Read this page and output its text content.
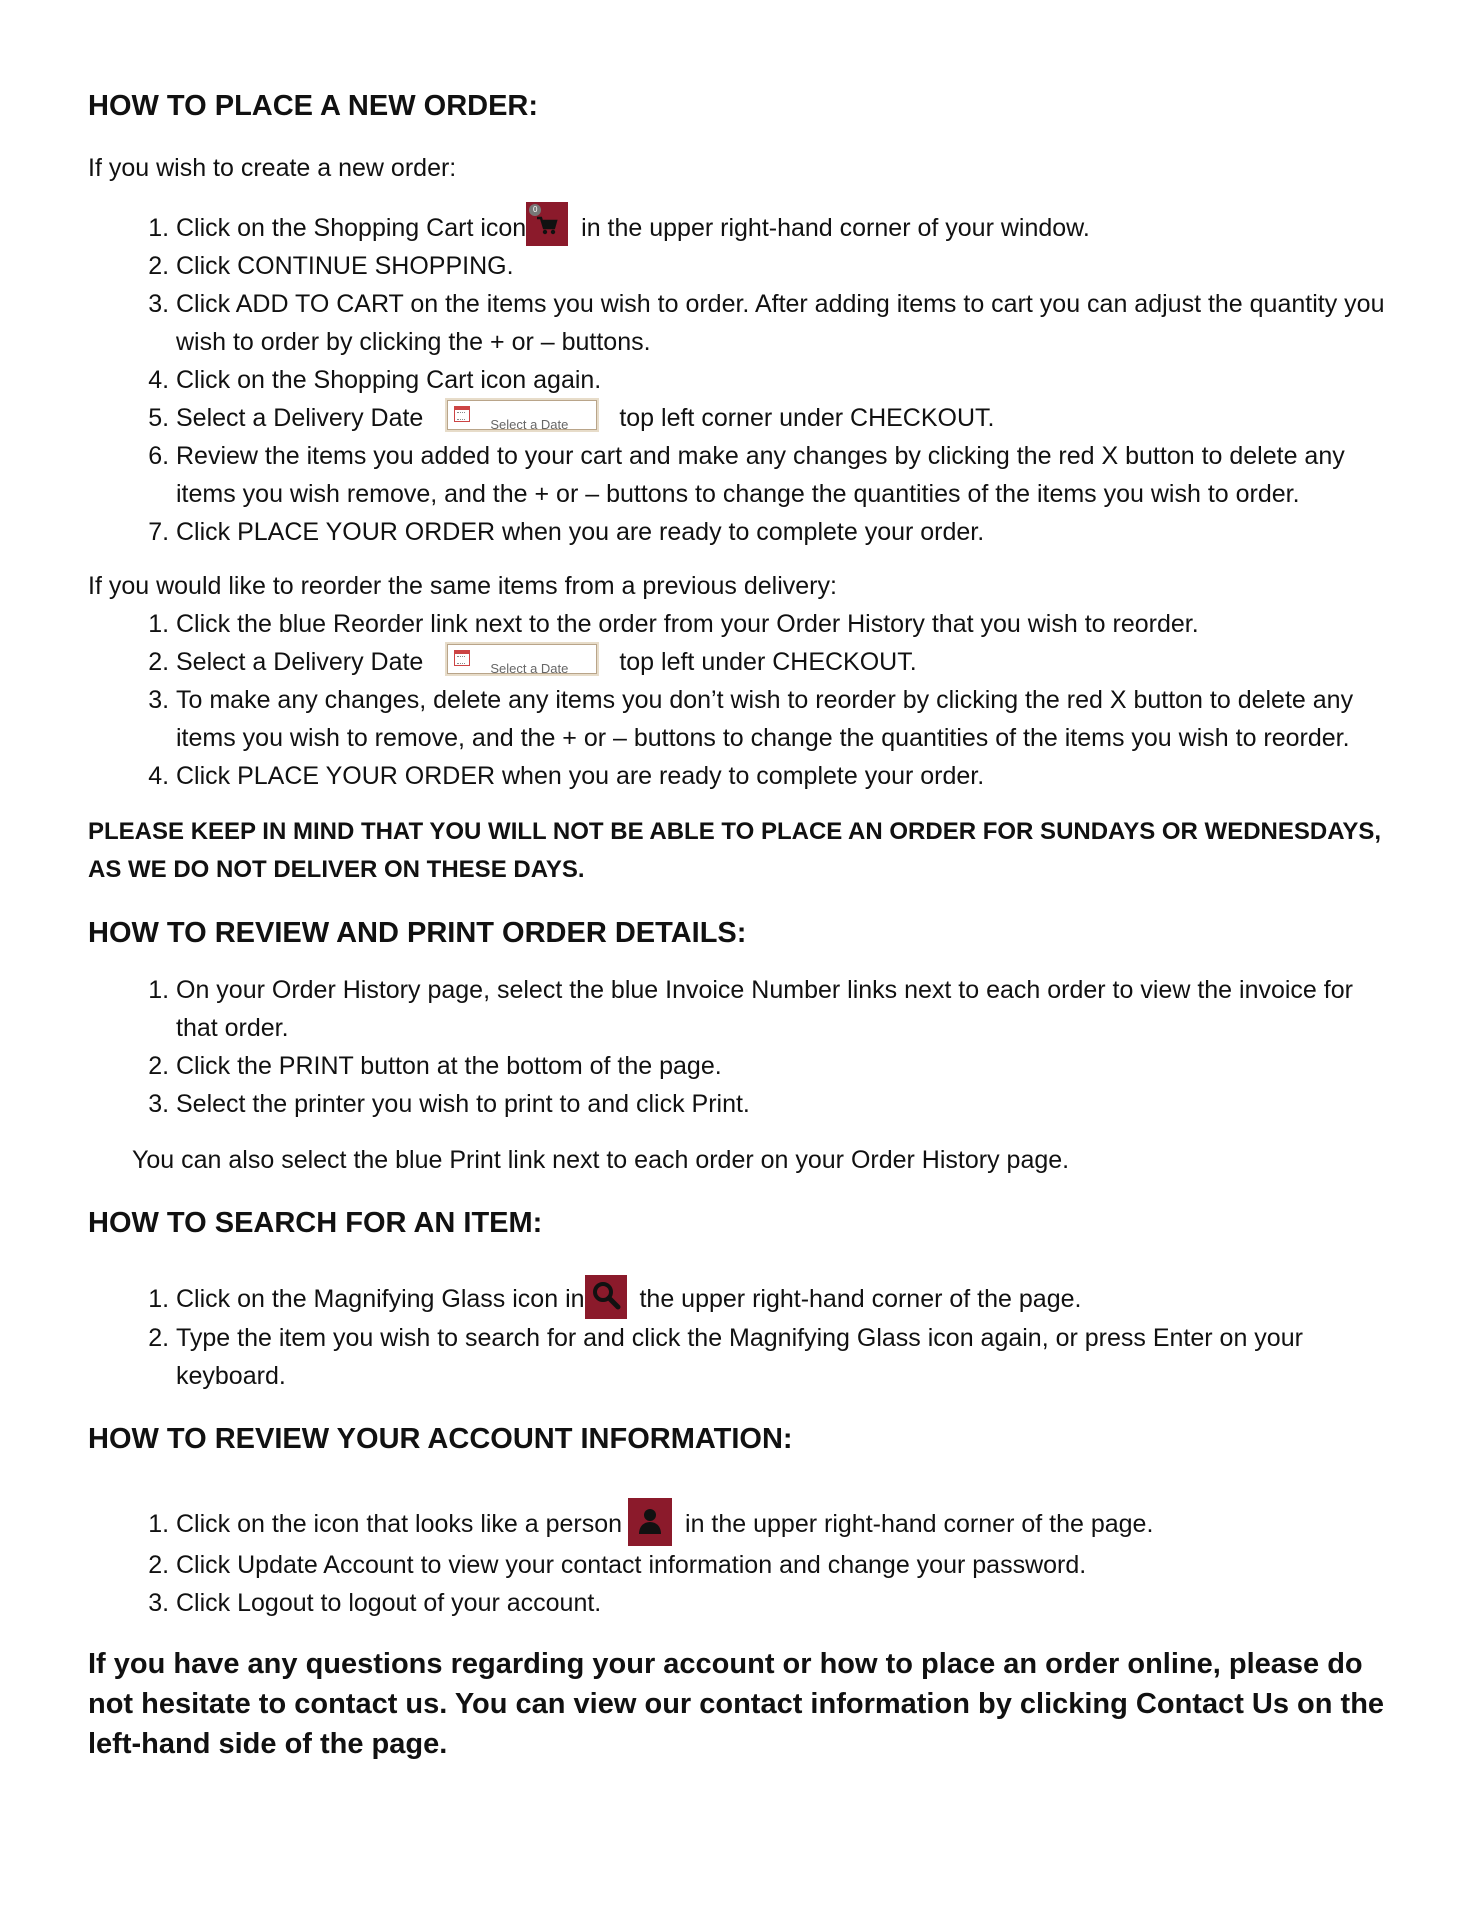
HOW TO PLACE A NEW ORDER:

If you wish to create a new order:

1. Click on the Shopping Cart icon
0
in the upper right-hand corner of your window.
2. Click CONTINUE SHOPPING.
3. Click ADD TO CART on the items you wish to order. After adding items to cart you can adjust the quantity you wish to order by clicking the + or – buttons.
4. Click on the Shopping Cart icon again.
5. Select a Delivery Date	Select a Date top left corner under CHECKOUT.
6. Review the items you added to your cart and make any changes by clicking the red X button to delete any items you wish remove, and the + or – buttons to change the quantities of the items you wish to order.
7. Click PLACE YOUR ORDER when you are ready to complete your order.

If you would like to reorder the same items from a previous delivery:

1. Click the blue Reorder link next to the order from your Order History that you wish to reorder.
2. Select a Delivery Date	Select a Date top left under CHECKOUT.
3. To make any changes, delete any items you don’t wish to reorder by clicking the red X button to delete any items you wish to remove, and the + or – buttons to change the quantities of the items you wish to reorder.
4. Click PLACE YOUR ORDER when you are ready to complete your order.

PLEASE KEEP IN MIND THAT YOU WILL NOT BE ABLE TO PLACE AN ORDER FOR SUNDAYS OR WEDNESDAYS, AS WE DO NOT DELIVER ON THESE DAYS.

HOW TO REVIEW AND PRINT ORDER DETAILS:
1. On your Order History page, select the blue Invoice Number links next to each order to view the invoice for that order.
2. Click the PRINT button at the bottom of the page.
3. Select the printer you wish to print to and click Print.

You can also select the blue Print link next to each order on your Order History page.

HOW TO SEARCH FOR AN ITEM:
1. Click on the Magnifying Glass icon in
the upper right-hand corner of the page.
2. Type the item you wish to search for and click the Magnifying Glass icon again, or press Enter on your keyboard.
HOW TO REVIEW YOUR ACCOUNT INFORMATION:
1. Click on the icon that looks like a person
in the upper right-hand corner of the page.
2. Click Update Account to view your contact information and change your password.
3. Click Logout to logout of your account.

If you have any questions regarding your account or how to place an order online, please do not hesitate to contact us. You can view our contact information by clicking Contact Us on the left-hand side of the page.
